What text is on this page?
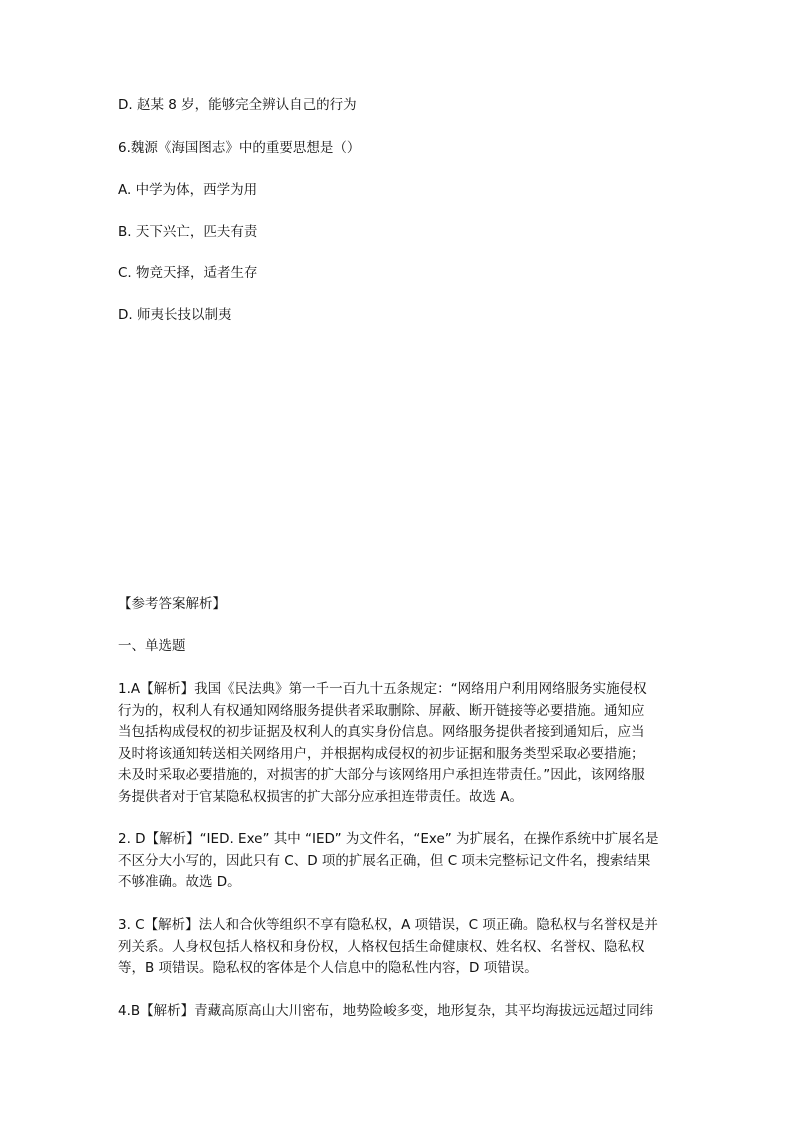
D. 赵某 8 岁，能够完全辨认自己的行为
6.魏源《海国图志》中的重要思想是（）
A. 中学为体，西学为用
B. 天下兴亡，匹夫有责
C. 物竞天择，适者生存
D. 师夷长技以制夷
【参考答案解析】
一、单选题
1.A【解析】我国《民法典》第一千一百九十五条规定：“网络用户利用网络服务实施侵权
行为的，权利人有权通知网络服务提供者采取删除、屏蔽、断开链接等必要措施。通知应
当包括构成侵权的初步证据及权利人的真实身份信息。网络服务提供者接到通知后，应当
及时将该通知转送相关网络用户，并根据构成侵权的初步证据和服务类型采取必要措施；
未及时采取必要措施的，对损害的扩大部分与该网络用户承担连带责任。”因此，该网络服
务提供者对于官某隐私权损害的扩大部分应承担连带责任。故选 A。
2. D【解析】“IED. Exe” 其中 “IED” 为文件名，“Exe” 为扩展名，在操作系统中扩展名是
不区分大小写的，因此只有 C、D 项的扩展名正确，但 C 项未完整标记文件名，搜索结果
不够准确。故选 D。
3. C【解析】法人和合伙等组织不享有隐私权，A 项错误，C 项正确。隐私权与名誉权是并
列关系。人身权包括人格权和身份权，人格权包括生命健康权、姓名权、名誉权、隐私权
等，B 项错误。隐私权的客体是个人信息中的隐私性内容，D 项错误。
4.B【解析】青藏高原高山大川密布，地势险峻多变，地形复杂，其平均海拔远远超过同纬
